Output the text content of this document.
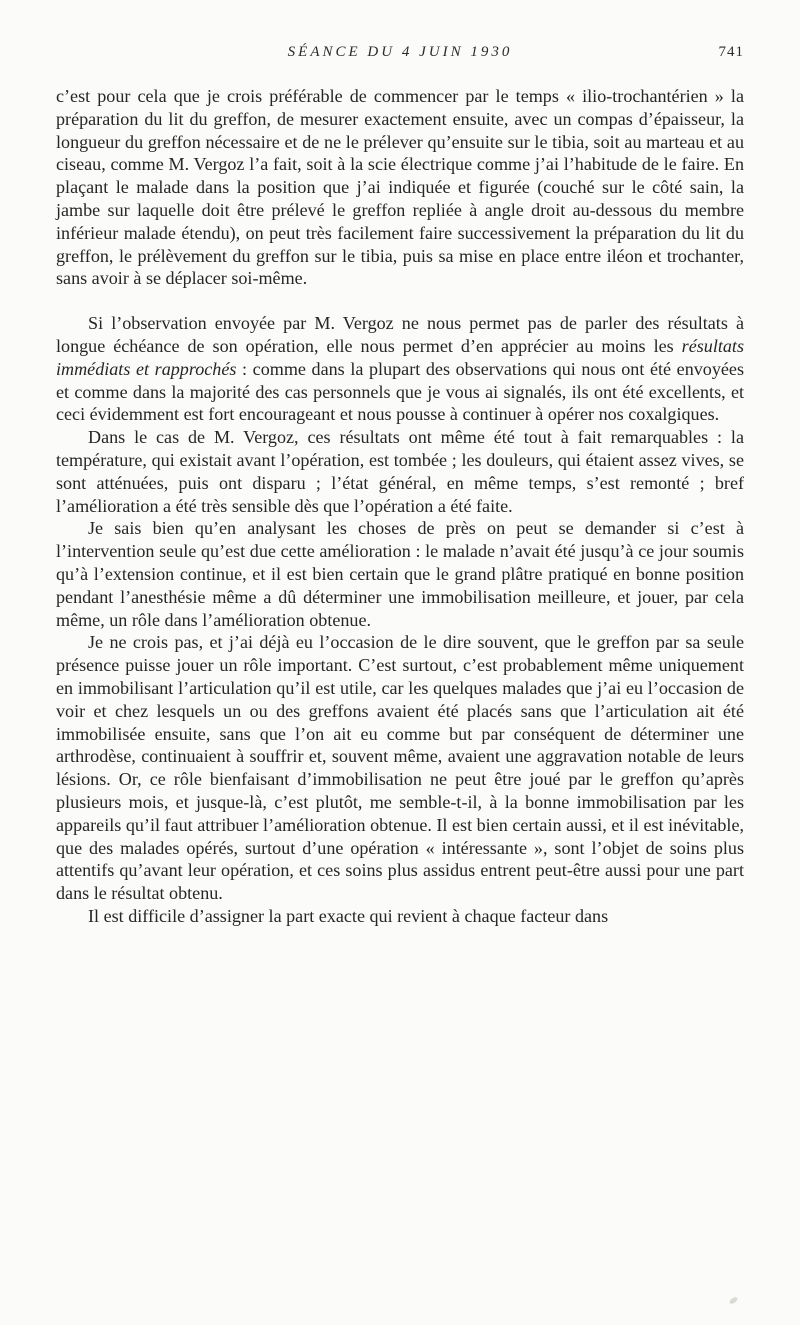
SÉANCE DU 4 JUIN 1930	741

c’est pour cela que je crois préférable de commencer par le temps « ilio-trochantérien » la préparation du lit du greffon, de mesurer exactement ensuite, avec un compas d’épaisseur, la longueur du greffon nécessaire et de ne le prélever qu’ensuite sur le tibia, soit au marteau et au ciseau, comme M. Vergoz l’a fait, soit à la scie électrique comme j’ai l’habitude de le faire. En plaçant le malade dans la position que j’ai indiquée et figurée (couché sur le côté sain, la jambe sur laquelle doit être prélevé le greffon repliée à angle droit au-dessous du membre inférieur malade étendu), on peut très facilement faire successivement la préparation du lit du greffon, le prélèvement du greffon sur le tibia, puis sa mise en place entre iléon et trochanter, sans avoir à se déplacer soi-même.

Si l’observation envoyée par M. Vergoz ne nous permet pas de parler des résultats à longue échéance de son opération, elle nous permet d’en apprécier au moins les résultats immédiats et rapprochés : comme dans la plupart des observations qui nous ont été envoyées et comme dans la majorité des cas personnels que je vous ai signalés, ils ont été excellents, et ceci évidemment est fort encourageant et nous pousse à continuer à opérer nos coxalgiques.

Dans le cas de M. Vergoz, ces résultats ont même été tout à fait remarquables : la température, qui existait avant l’opération, est tombée ; les douleurs, qui étaient assez vives, se sont atténuées, puis ont disparu ; l’état général, en même temps, s’est remonté ; bref l’amélioration a été très sensible dès que l’opération a été faite.

Je sais bien qu’en analysant les choses de près on peut se demander si c’est à l’intervention seule qu’est due cette amélioration : le malade n’avait été jusqu’à ce jour soumis qu’à l’extension continue, et il est bien certain que le grand plâtre pratiqué en bonne position pendant l’anesthésie même a dû déterminer une immobilisation meilleure, et jouer, par cela même, un rôle dans l’amélioration obtenue.

Je ne crois pas, et j’ai déjà eu l’occasion de le dire souvent, que le greffon par sa seule présence puisse jouer un rôle important. C’est surtout, c’est probablement même uniquement en immobilisant l’articulation qu’il est utile, car les quelques malades que j’ai eu l’occasion de voir et chez lesquels un ou des greffons avaient été placés sans que l’articulation ait été immobilisée ensuite, sans que l’on ait eu comme but par conséquent de déterminer une arthrodèse, continuaient à souffrir et, souvent même, avaient une aggravation notable de leurs lésions. Or, ce rôle bienfaisant d’immobilisation ne peut être joué par le greffon qu’après plusieurs mois, et jusque-là, c’est plutôt, me semble-t-il, à la bonne immobilisation par les appareils qu’il faut attribuer l’amélioration obtenue. Il est bien certain aussi, et il est inévitable, que des malades opérés, surtout d’une opération « intéressante », sont l’objet de soins plus attentifs qu’avant leur opération, et ces soins plus assidus entrent peut-être aussi pour une part dans le résultat obtenu.

Il est difficile d’assigner la part exacte qui revient à chaque facteur dans
